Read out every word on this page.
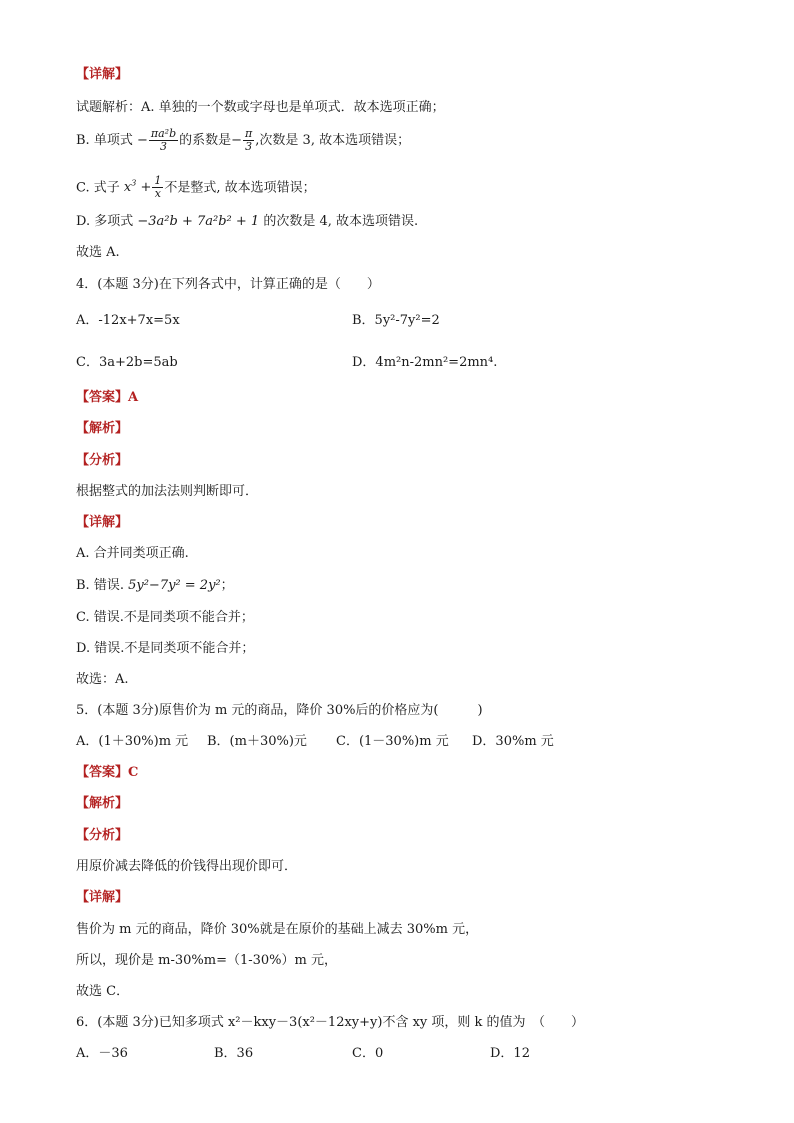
【详解】
试题解析：A. 单独的一个数或字母也是单项式．故本选项正确；
B. 单项式 − $\frac{\text{πa²b}}{3}$ 的系数是− $\frac{\pi}{3}$ ,次数是 3, 故本选项错误；
C. 式子 $x^3 + \frac{1}{x}$ 不是整式, 故本选项错误；
D. 多项式 −3a²b + 7a²b² + 1 的次数是 4, 故本选项错误.
故选 A.
4．(本题 3分)在下列各式中，计算正确的是（　　）
A．-12x+7x=5x	B．5y²-7y²=2
C．3a+2b=5ab	D．4m²n-2mn²=2mn⁴.
【答案】A
【解析】
【分析】
根据整式的加法法则判断即可．
【详解】
A. 合并同类项正确.
B. 错误. 5y²−7y² = 2y²；
C. 错误.不是同类项不能合并；
D. 错误.不是同类项不能合并；
故选：A.
5．(本题 3分)原售价为 m 元的商品，降价 30%后的价格应为(　　　)
A．(1＋30%)m 元 B．(m＋30%)元 C．(1－30%)m 元 D．30%m 元
【答案】C
【解析】
【分析】
用原价减去降低的价钱得出现价即可．
【详解】
售价为 m 元的商品，降价 30%就是在原价的基础上减去 30%m 元，
所以，现价是 m-30%m=（1-30%）m 元，
故选 C．
6．(本题 3分)已知多项式 x²－kxy－3(x²－12xy+y)不含 xy 项，则 k 的值为　（　　）
A．－36	B．36	C．0	D．12
